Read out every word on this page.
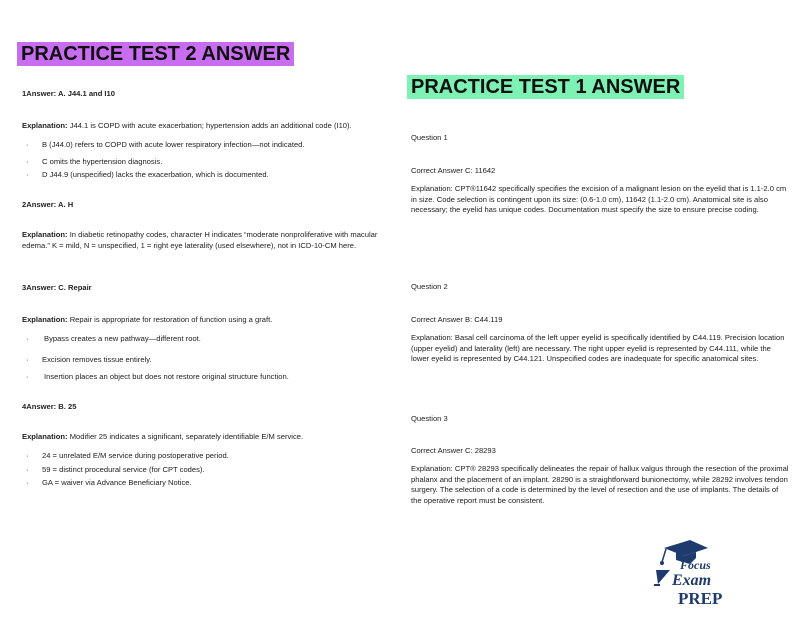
PRACTICE TEST 2 ANSWER
PRACTICE TEST 1 ANSWER
1Answer: A. J44.1 and I10
Explanation: J44.1 is COPD with acute exacerbation; hypertension adds an additional code (I10).
· B (J44.0) refers to COPD with acute lower respiratory infection—not indicated.
· C omits the hypertension diagnosis.
· D J44.9 (unspecified) lacks the exacerbation, which is documented.
2Answer: A. H
Explanation: In diabetic retinopathy codes, character H indicates “moderate nonproliferative with macular edema.” K = mild, N = unspecified, 1 = right eye laterality (used elsewhere), not in ICD-10-CM here.
3Answer: C. Repair
Explanation: Repair is appropriate for restoration of function using a graft.
· Bypass creates a new pathway—different root.
· Excision removes tissue entirely.
· Insertion places an object but does not restore original structure function.
4Answer: B. 25
Explanation: Modifier 25 indicates a significant, separately identifiable E/M service.
· 24 = unrelated E/M service during postoperative period.
· 59 = distinct procedural service (for CPT codes).
· GA = waiver via Advance Beneficiary Notice.
Question 1
Correct Answer C: 11642
Explanation: CPT®11642 specifically specifies the excision of a malignant lesion on the eyelid that is 1.1-2.0 cm in size. Code selection is contingent upon its size: (0.6-1.0 cm), 11642 (1.1-2.0 cm). Anatomical site is also necessary; the eyelid has unique codes. Documentation must specify the size to ensure precise coding.
Question 2
Correct Answer B: C44.119
Explanation: Basal cell carcinoma of the left upper eyelid is specifically identified by C44.119. Precision location (upper eyelid) and laterality (left) are necessary. The right upper eyelid is represented by C44.111, while the lower eyelid is represented by C44.121. Unspecified codes are inadequate for specific anatomical sites.
Question 3
Correct Answer C: 28293
Explanation: CPT® 28293 specifically delineates the repair of hallux valgus through the resection of the proximal phalanx and the placement of an implant. 28290 is a straightforward bunionectomy, while 28292 involves tendon surgery. The selection of a code is determined by the level of resection and the use of implants. The details of the operative report must be consistent.
Focus
Exam
PREP
